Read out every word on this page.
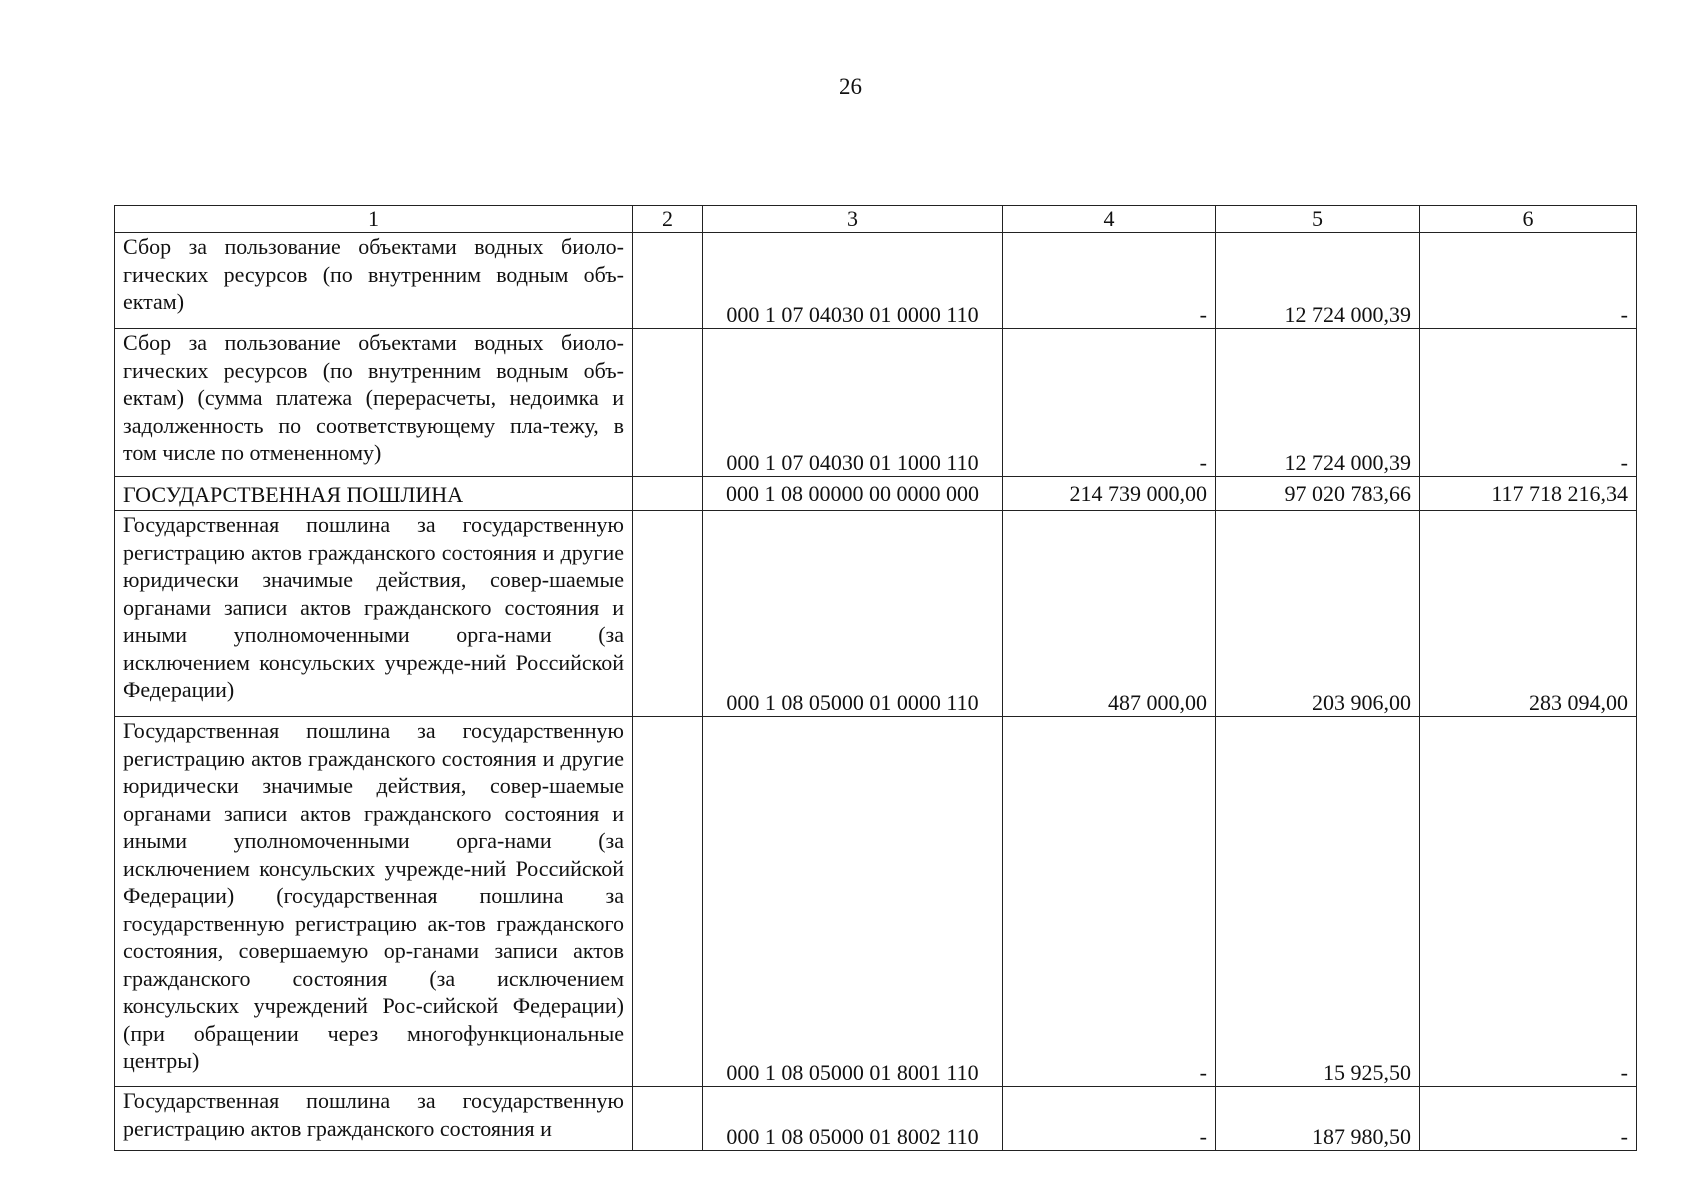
26
1	2	3	4	5	6
Сбор за пользование объектами водных биоло-гических ресурсов (по внутренним водным объ-ектам)		000 1 07 04030 01 0000 110	-	12 724 000,39	-
Сбор за пользование объектами водных биоло-гических ресурсов (по внутренним водным объ-ектам) (сумма платежа (перерасчеты, недоимка и задолженность по соответствующему пла-тежу, в том числе по отмененному)		000 1 07 04030 01 1000 110	-	12 724 000,39	-
ГОСУДАРСТВЕННАЯ ПОШЛИНА		000 1 08 00000 00 0000 000	214 739 000,00	97 020 783,66	117 718 216,34
Государственная пошлина за государственную регистрацию актов гражданского состояния и другие юридически значимые действия, совер-шаемые органами записи актов гражданского состояния и иными уполномоченными орга-нами (за исключением консульских учрежде-ний Российской Федерации)		000 1 08 05000 01 0000 110	487 000,00	203 906,00	283 094,00
Государственная пошлина за государственную регистрацию актов гражданского состояния и другие юридически значимые действия, совер-шаемые органами записи актов гражданского состояния и иными уполномоченными орга-нами (за исключением консульских учрежде-ний Российской Федерации) (государственная пошлина за государственную регистрацию ак-тов гражданского состояния, совершаемую ор-ганами записи актов гражданского состояния (за исключением консульских учреждений Рос-сийской Федерации) (при обращении через многофункциональные центры)		000 1 08 05000 01 8001 110	-	15 925,50	-
Государственная пошлина за государственную регистрацию актов гражданского состояния и		000 1 08 05000 01 8002 110	-	187 980,50	-
